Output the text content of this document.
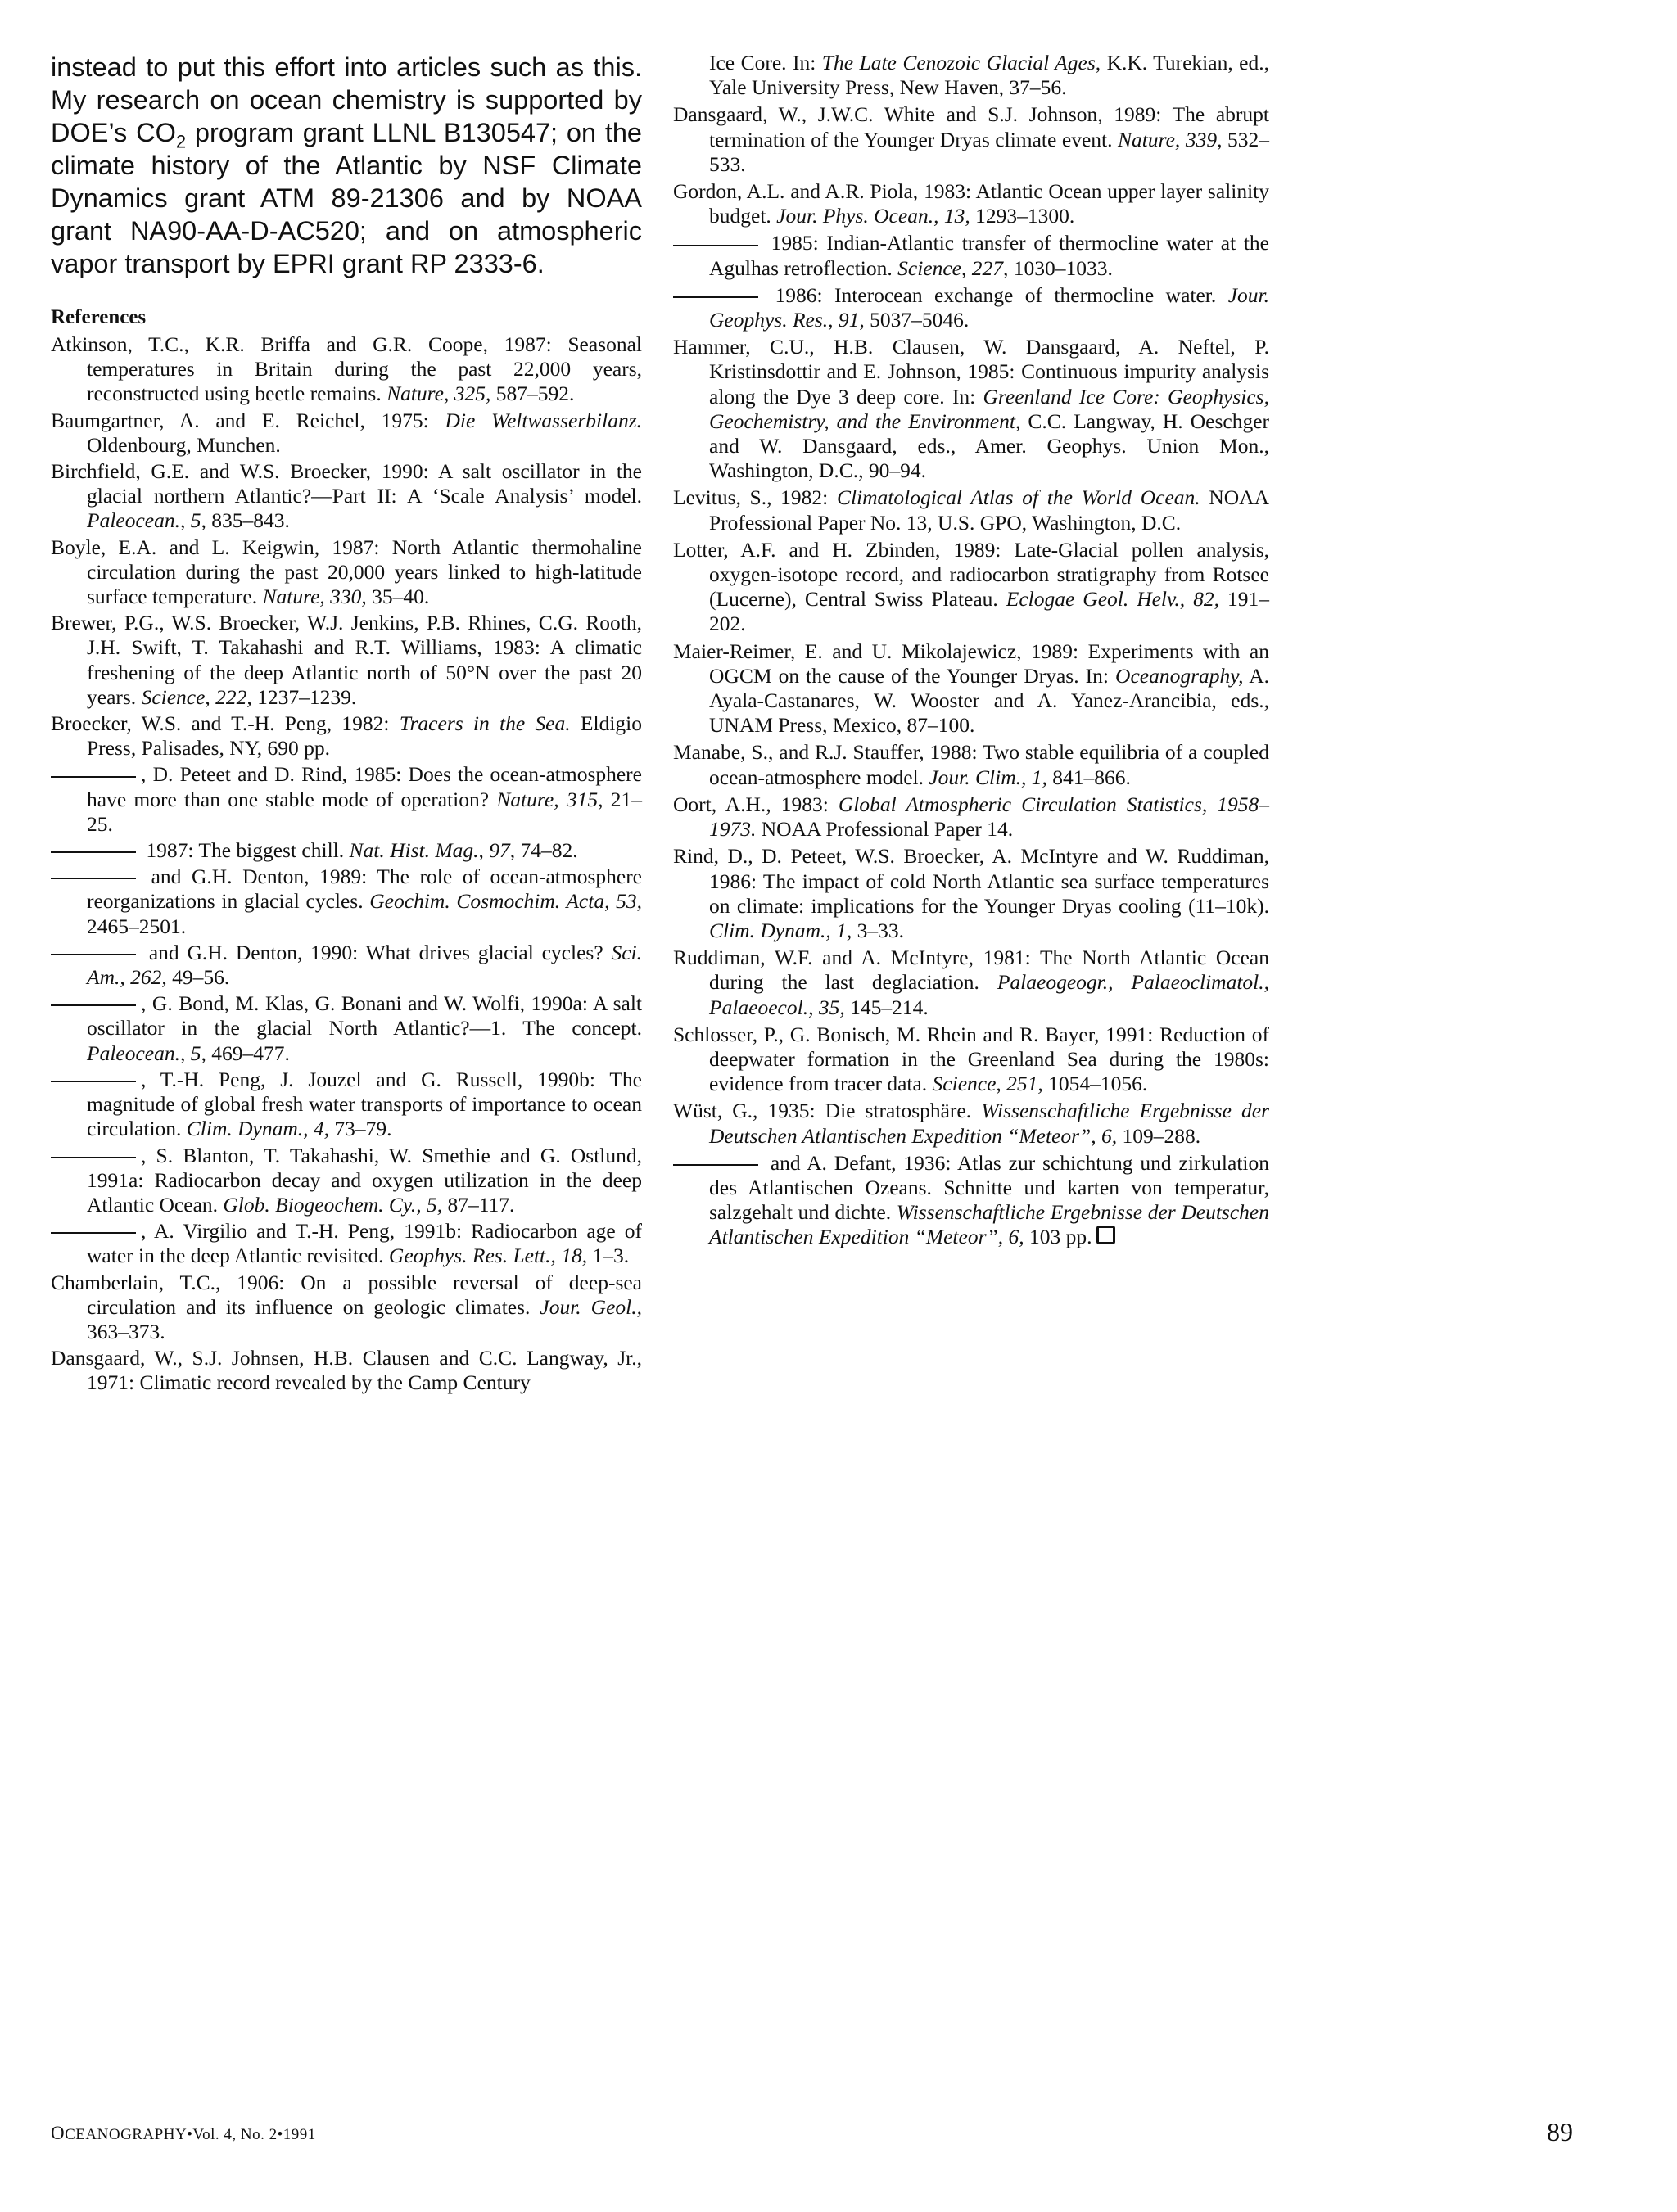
instead to put this effort into articles such as this. My research on ocean chemistry is supported by DOE’s $CO_2$ program grant LLNL B130547; on the climate history of the Atlantic by NSF Climate Dynamics grant ATM 89-21306 and by NOAA grant NA90-AA-D-AC520; and on atmospheric vapor transport by EPRI grant RP 2333-6.

References

Atkinson, T.C., K.R. Briffa and G.R. Coope, 1987: Seasonal temperatures in Britain during the past 22,000 years, reconstructed using beetle remains. Nature, 325, 587–592.

Baumgartner, A. and E. Reichel, 1975: Die Weltwasserbilanz. Oldenbourg, Munchen.

Birchfield, G.E. and W.S. Broecker, 1990: A salt oscillator in the glacial northern Atlantic?—Part II: A ‘Scale Analysis’ model. Paleocean., 5, 835–843.

Boyle, E.A. and L. Keigwin, 1987: North Atlantic thermohaline circulation during the past 20,000 years linked to high-latitude surface temperature. Nature, 330, 35–40.

Brewer, P.G., W.S. Broecker, W.J. Jenkins, P.B. Rhines, C.G. Rooth, J.H. Swift, T. Takahashi and R.T. Williams, 1983: A climatic freshening of the deep Atlantic north of 50°N over the past 20 years. Science, 222, 1237–1239.

Broecker, W.S. and T.-H. Peng, 1982: Tracers in the Sea. Eldigio Press, Palisades, NY, 690 pp.

, D. Peteet and D. Rind, 1985: Does the ocean-atmosphere have more than one stable mode of operation? Nature, 315, 21–25.

1987: The biggest chill. Nat. Hist. Mag., 97, 74–82.

and G.H. Denton, 1989: The role of ocean-atmosphere reorganizations in glacial cycles. Geochim. Cosmochim. Acta, 53, 2465–2501.

and G.H. Denton, 1990: What drives glacial cycles? Sci. Am., 262, 49–56.

, G. Bond, M. Klas, G. Bonani and W. Wolfi, 1990a: A salt oscillator in the glacial North Atlantic?—1. The concept. Paleocean., 5, 469–477.

, T.-H. Peng, J. Jouzel and G. Russell, 1990b: The magnitude of global fresh water transports of importance to ocean circulation. Clim. Dynam., 4, 73–79.

, S. Blanton, T. Takahashi, W. Smethie and G. Ostlund, 1991a: Radiocarbon decay and oxygen utilization in the deep Atlantic Ocean. Glob. Biogeochem. Cy., 5, 87–117.

, A. Virgilio and T.-H. Peng, 1991b: Radiocarbon age of water in the deep Atlantic revisited. Geophys. Res. Lett., 18, 1–3.

Chamberlain, T.C., 1906: On a possible reversal of deep-sea circulation and its influence on geologic climates. Jour. Geol., 363–373.

Dansgaard, W., S.J. Johnsen, H.B. Clausen and C.C. Langway, Jr., 1971: Climatic record revealed by the Camp Century

Ice Core. In: The Late Cenozoic Glacial Ages, K.K. Turekian, ed., Yale University Press, New Haven, 37–56.

Dansgaard, W., J.W.C. White and S.J. Johnson, 1989: The abrupt termination of the Younger Dryas climate event. Nature, 339, 532–533.

Gordon, A.L. and A.R. Piola, 1983: Atlantic Ocean upper layer salinity budget. Jour. Phys. Ocean., 13, 1293–1300.

1985: Indian-Atlantic transfer of thermocline water at the Agulhas retroflection. Science, 227, 1030–1033.

1986: Interocean exchange of thermocline water. Jour. Geophys. Res., 91, 5037–5046.

Hammer, C.U., H.B. Clausen, W. Dansgaard, A. Neftel, P. Kristinsdottir and E. Johnson, 1985: Continuous impurity analysis along the Dye 3 deep core. In: Greenland Ice Core: Geophysics, Geochemistry, and the Environment, C.C. Langway, H. Oeschger and W. Dansgaard, eds., Amer. Geophys. Union Mon., Washington, D.C., 90–94.

Levitus, S., 1982: Climatological Atlas of the World Ocean. NOAA Professional Paper No. 13, U.S. GPO, Washington, D.C.

Lotter, A.F. and H. Zbinden, 1989: Late-Glacial pollen analysis, oxygen-isotope record, and radiocarbon stratigraphy from Rotsee (Lucerne), Central Swiss Plateau. Eclogae Geol. Helv., 82, 191–202.

Maier-Reimer, E. and U. Mikolajewicz, 1989: Experiments with an OGCM on the cause of the Younger Dryas. In: Oceanography, A. Ayala-Castanares, W. Wooster and A. Yanez-Arancibia, eds., UNAM Press, Mexico, 87–100.

Manabe, S., and R.J. Stauffer, 1988: Two stable equilibria of a coupled ocean-atmosphere model. Jour. Clim., 1, 841–866.

Oort, A.H., 1983: Global Atmospheric Circulation Statistics, 1958–1973. NOAA Professional Paper 14.

Rind, D., D. Peteet, W.S. Broecker, A. McIntyre and W. Ruddiman, 1986: The impact of cold North Atlantic sea surface temperatures on climate: implications for the Younger Dryas cooling (11–10k). Clim. Dynam., 1, 3–33.

Ruddiman, W.F. and A. McIntyre, 1981: The North Atlantic Ocean during the last deglaciation. Palaeogeogr., Palaeoclimatol., Palaeoecol., 35, 145–214.

Schlosser, P., G. Bonisch, M. Rhein and R. Bayer, 1991: Reduction of deepwater formation in the Greenland Sea during the 1980s: evidence from tracer data. Science, 251, 1054–1056.

Wüst, G., 1935: Die stratosphäre. Wissenschaftliche Ergebnisse der Deutschen Atlantischen Expedition “Meteor”, 6, 109–288.

and A. Defant, 1936: Atlas zur schichtung und zirkulation des Atlantischen Ozeans. Schnitte und karten von temperatur, salzgehalt und dichte. Wissenschaftliche Ergebnisse der Deutschen Atlantischen Expedition “Meteor”, 6, 103 pp.

OCEANOGRAPHY•Vol. 4, No. 2•1991	89
